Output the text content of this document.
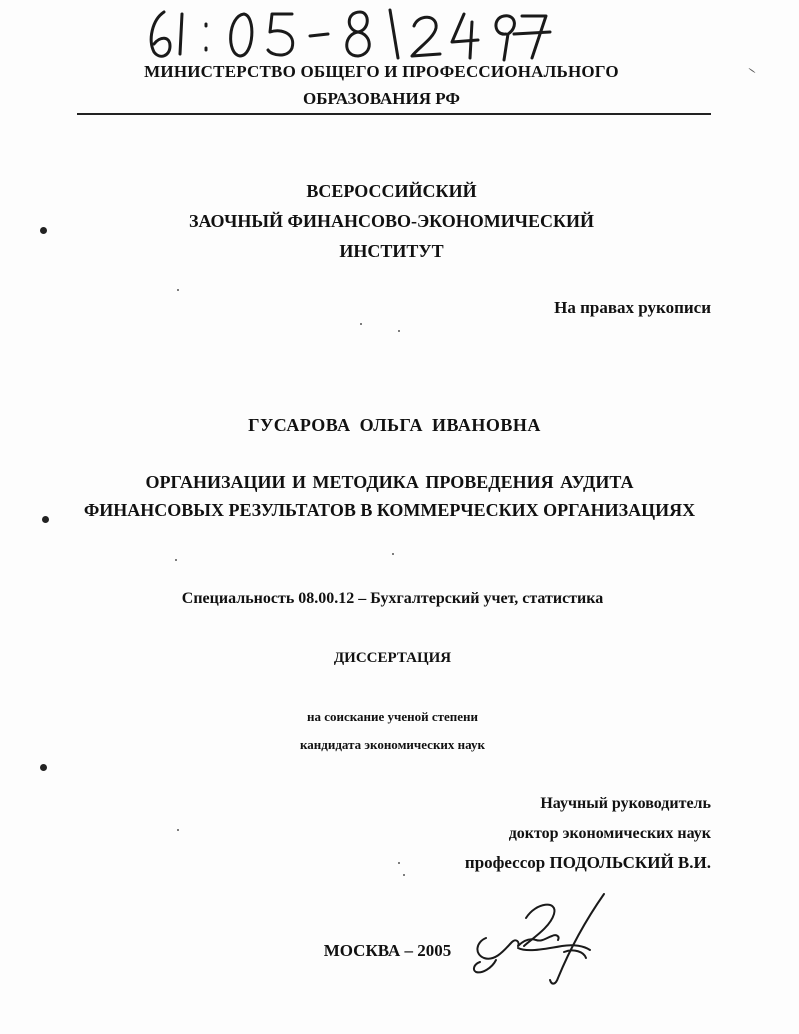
МИНИСТЕРСТВО ОБЩЕГО И ПРОФЕССИОНАЛЬНОГО
ОБРАЗОВАНИЯ РФ
ВСЕРОССИЙСКИЙ
ЗАОЧНЫЙ ФИНАНСОВО-ЭКОНОМИЧЕСКИЙ
ИНСТИТУТ
На правах рукописи
ГУСАРОВА ОЛЬГА ИВАНОВНА
ОРГАНИЗАЦИИ И МЕТОДИКА ПРОВЕДЕНИЯ АУДИТА
ФИНАНСОВЫХ РЕЗУЛЬТАТОВ В КОММЕРЧЕСКИХ ОРГАНИЗАЦИЯХ
Специальность 08.00.12 – Бухгалтерский учет, статистика
ДИССЕРТАЦИЯ
на соискание ученой степени
кандидата экономических наук
Научный руководитель
доктор экономических наук
профессор ПОДОЛЬСКИЙ В.И.
МОСКВА – 2005
